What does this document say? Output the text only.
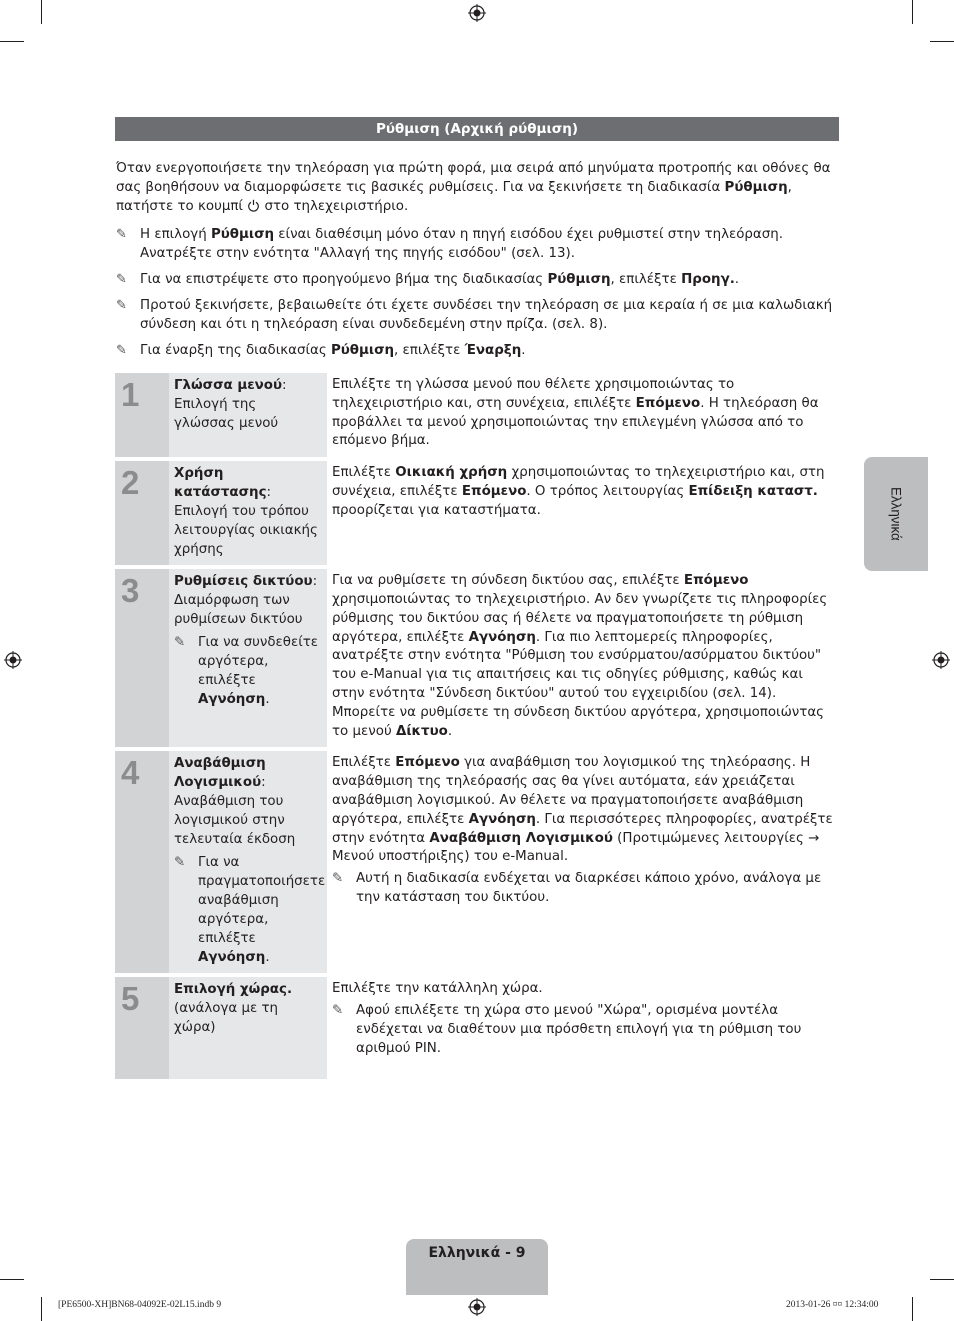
Ρύθμιση (Αρχική ρύθμιση)

Όταν ενεργοποιήσετε την τηλεόραση για πρώτη φορά, μια σειρά από μηνύματα προτροπής και οθόνες θα σας βοηθήσουν να διαμορφώσετε τις βασικές ρυθμίσεις. Για να ξεκινήσετε τη διαδικασία Ρύθμιση, πατήστε το κουμπί  στο τηλεχειριστήριο.

✎ Η επιλογή Ρύθμιση είναι διαθέσιμη μόνο όταν η πηγή εισόδου έχει ρυθμιστεί στην τηλεόραση. Ανατρέξτε στην ενότητα "Αλλαγή της πηγής εισόδου" (σελ. 13).
✎ Για να επιστρέψετε στο προηγούμενο βήμα της διαδικασίας Ρύθμιση, επιλέξτε Προηγ..
✎ Προτού ξεκινήσετε, βεβαιωθείτε ότι έχετε συνδέσει την τηλεόραση σε μια κεραία ή σε μια καλωδιακή σύνδεση και ότι η τηλεόραση είναι συνδεδεμένη στην πρίζα. (σελ. 8).
✎ Για έναρξη της διαδικασίας Ρύθμιση, επιλέξτε Έναρξη.
1	Γλώσσα μενού: Επιλογή της γλώσσας μενού

Επιλέξτε τη γλώσσα μενού που θέλετε χρησιμοποιώντας το τηλεχειριστήριο και, στη συνέχεια, επιλέξτε Επόμενο. Η τηλεόραση θα προβάλλει τα μενού χρησιμοποιώντας την επιλεγμένη γλώσσα από το επόμενο βήμα.

2	Χρήση κατάστασης: Επιλογή του τρόπου λειτουργίας οικιακής χρήσης

Επιλέξτε Οικιακή χρήση χρησιμοποιώντας το τηλεχειριστήριο και, στη συνέχεια, επιλέξτε Επόμενο. Ο τρόπος λειτουργίας Επίδειξη καταστ. προορίζεται για καταστήματα.

3	Ρυθμίσεις δικτύου: Διαμόρφωση των ρυθμίσεων δικτύου

✎ Για να συνδεθείτε αργότερα, επιλέξτε Αγνόηση.

Για να ρυθμίσετε τη σύνδεση δικτύου σας, επιλέξτε Επόμενο χρησιμοποιώντας το τηλεχειριστήριο. Αν δεν γνωρίζετε τις πληροφορίες ρύθμισης του δικτύου σας ή θέλετε να πραγματοποιήσετε τη ρύθμιση αργότερα, επιλέξτε Αγνόηση. Για πιο λεπτομερείς πληροφορίες, ανατρέξτε στην ενότητα "Ρύθμιση του ενσύρματου/ασύρματου δικτύου" του e-Manual για τις απαιτήσεις και τις οδηγίες ρύθμισης, καθώς και στην ενότητα "Σύνδεση δικτύου" αυτού του εγχειριδίου (σελ. 14). Μπορείτε να ρυθμίσετε τη σύνδεση δικτύου αργότερα, χρησιμοποιώντας το μενού Δίκτυο.

4	Αναβάθμιση Λογισμικού: Αναβάθμιση του λογισμικού στην τελευταία έκδοση

✎ Για να πραγματοποιήσετε αναβάθμιση αργότερα, επιλέξτε Αγνόηση.

Επιλέξτε Επόμενο για αναβάθμιση του λογισμικού της τηλεόρασης. Η αναβάθμιση της τηλεόρασής σας θα γίνει αυτόματα, εάν χρειάζεται αναβάθμιση λογισμικού. Αν θέλετε να πραγματοποιήσετε αναβάθμιση αργότερα, επιλέξτε Αγνόηση. Για περισσότερες πληροφορίες, ανατρέξτε στην ενότητα Αναβάθμιση Λογισμικού (Προτιμώμενες λειτουργίες → Μενού υποστήριξης) του e-Manual.

✎ Αυτή η διαδικασία ενδέχεται να διαρκέσει κάποιο χρόνο, ανάλογα με την κατάσταση του δικτύου.
5	Επιλογή χώρας. (ανάλογα με τη χώρα)

Επιλέξτε την κατάλληλη χώρα.

✎ Αφού επιλέξετε τη χώρα στο μενού "Χώρα", ορισμένα μοντέλα ενδέχεται να διαθέτουν μια πρόσθετη επιλογή για τη ρύθμιση του αριθμού PIN.
Ελληνικά
Ελληνικά - 9
[PE6500-XH]BN68-04092E-02L15.indb 9	2013-01-26 ¤¤ 12:34:00
